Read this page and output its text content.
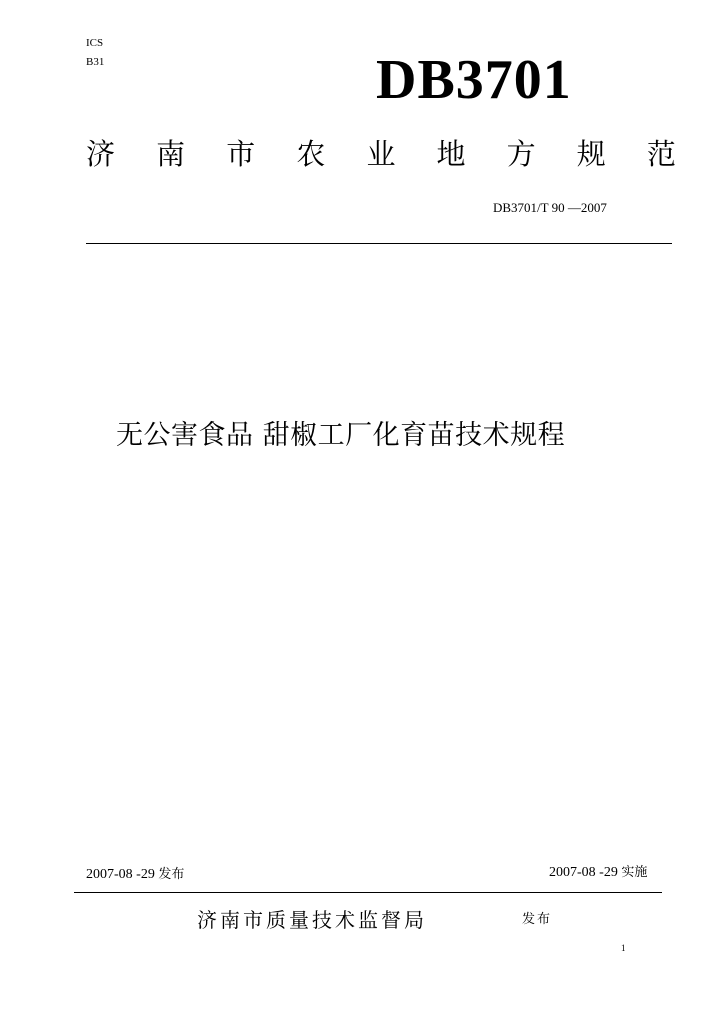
ICS
B31	DB3701
济 南 市 农 业 地 方 规 范
DB3701/T 90 —2007
无公害食品 甜椒工厂化育苗技术规程
2007-08 -29 发布	2007-08 -29 实施
济南市质量技术监督局	发布
1
